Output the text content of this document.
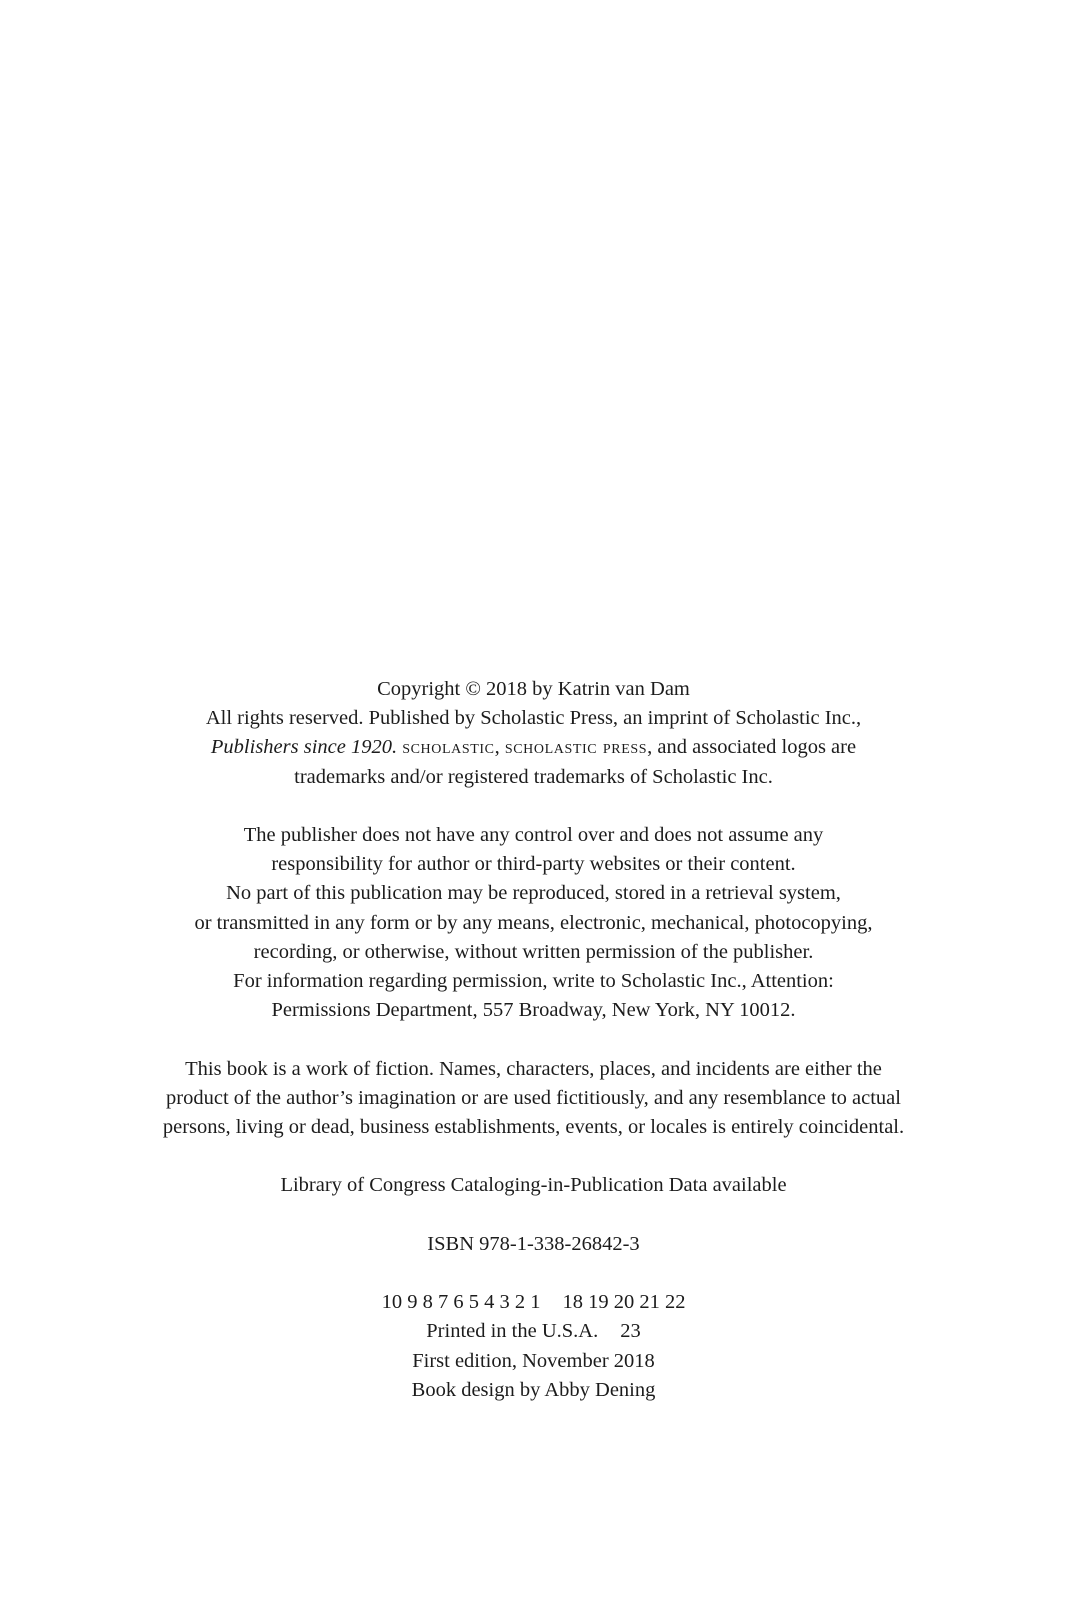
Copyright © 2018 by Katrin van Dam
All rights reserved. Published by Scholastic Press, an imprint of Scholastic Inc.,
Publishers since 1920. scholastic, scholastic press, and associated logos are
trademarks and/or registered trademarks of Scholastic Inc.

The publisher does not have any control over and does not assume any
responsibility for author or third-party websites or their content.
No part of this publication may be reproduced, stored in a retrieval system,
or transmitted in any form or by any means, electronic, mechanical, photocopying,
recording, or otherwise, without written permission of the publisher.
For information regarding permission, write to Scholastic Inc., Attention:
Permissions Department, 557 Broadway, New York, NY 10012.

This book is a work of fiction. Names, characters, places, and incidents are either the
product of the author’s imagination or are used fictitiously, and any resemblance to actual
persons, living or dead, business establishments, events, or locales is entirely coincidental.

Library of Congress Cataloging-in-Publication Data available

ISBN 978-1-338-26842-3

10 9 8 7 6 5 4 3 2 1 18 19 20 21 22
Printed in the U.S.A. 23
First edition, November 2018
Book design by Abby Dening
